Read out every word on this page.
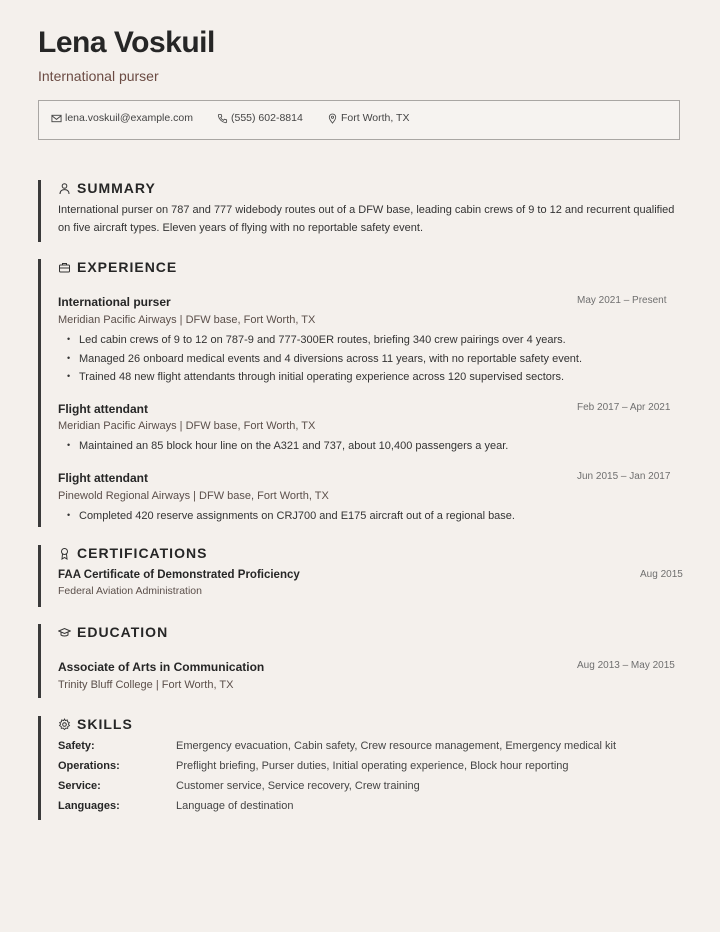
Lena Voskuil
International purser
lena.voskuil@example.com	(555) 602-8814	Fort Worth, TX
SUMMARY
International purser on 787 and 777 widebody routes out of a DFW base, leading cabin crews of 9 to 12 and recurrent qualified
on five aircraft types. Eleven years of flying with no reportable safety event.
EXPERIENCE
International purser	May 2021 – Present
Meridian Pacific Airways | DFW base, Fort Worth, TX
• Led cabin crews of 9 to 12 on 787-9 and 777-300ER routes, briefing 340 crew pairings over 4 years.
• Managed 26 onboard medical events and 4 diversions across 11 years, with no reportable safety event.
• Trained 48 new flight attendants through initial operating experience across 120 supervised sectors.
Flight attendant	Feb 2017 – Apr 2021
Meridian Pacific Airways | DFW base, Fort Worth, TX
• Maintained an 85 block hour line on the A321 and 737, about 10,400 passengers a year.
Flight attendant	Jun 2015 – Jan 2017
Pinewold Regional Airways | DFW base, Fort Worth, TX
• Completed 420 reserve assignments on CRJ700 and E175 aircraft out of a regional base.
CERTIFICATIONS
FAA Certificate of Demonstrated Proficiency	Aug 2015
Federal Aviation Administration
EDUCATION
Associate of Arts in Communication	Aug 2013 – May 2015
Trinity Bluff College | Fort Worth, TX
SKILLS
Safety:	Emergency evacuation, Cabin safety, Crew resource management, Emergency medical kit
Operations:	Preflight briefing, Purser duties, Initial operating experience, Block hour reporting
Service:	Customer service, Service recovery, Crew training
Languages:	Language of destination
